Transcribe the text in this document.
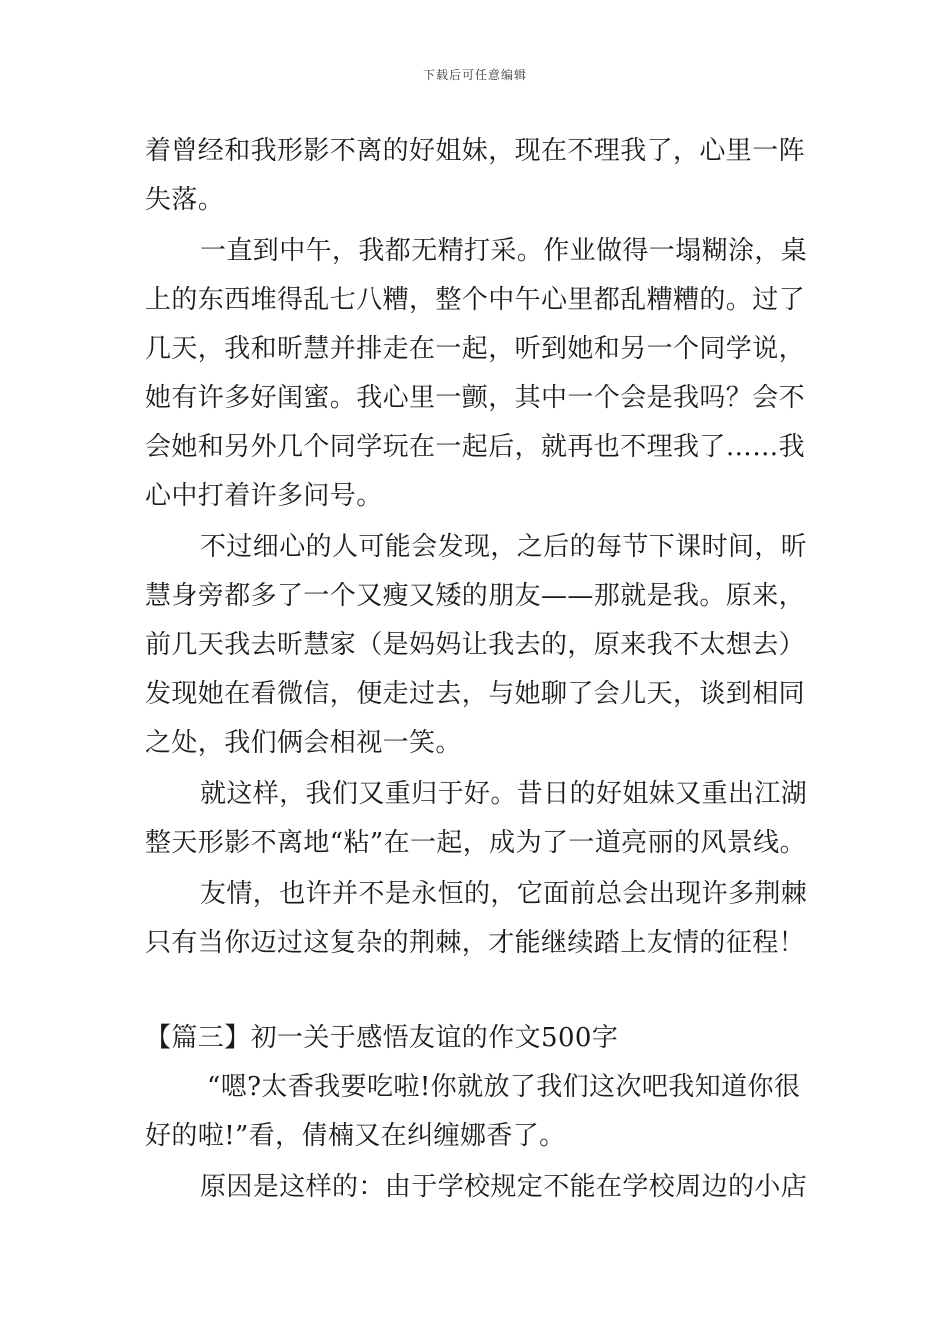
下载后可任意编辑
着曾经和我形影不离的好姐妹，现在不理我了，心里一阵
失落。
一直到中午，我都无精打采。作业做得一塌糊涂，桌
上的东西堆得乱七八糟，整个中午心里都乱糟糟的。过了
几天，我和昕慧并排走在一起，听到她和另一个同学说，
她有许多好闺蜜。我心里一颤，其中一个会是我吗？会不
会她和另外几个同学玩在一起后，就再也不理我了……我
心中打着许多问号。
不过细心的人可能会发现，之后的每节下课时间，昕
慧身旁都多了一个又瘦又矮的朋友——那就是我。原来，
前几天我去昕慧家（是妈妈让我去的，原来我不太想去）
发现她在看微信，便走过去，与她聊了会儿天，谈到相同
之处，我们俩会相视一笑。
就这样，我们又重归于好。昔日的好姐妹又重出江湖
整天形影不离地“粘”在一起，成为了一道亮丽的风景线。
友情，也许并不是永恒的，它面前总会出现许多荆棘
只有当你迈过这复杂的荆棘，才能继续踏上友情的征程！
【篇三】初一关于感悟友谊的作文500字
“嗯?太香我要吃啦!你就放了我们这次吧我知道你很
好的啦!”看，倩楠又在纠缠娜香了。
原因是这样的：由于学校规定不能在学校周边的小店
